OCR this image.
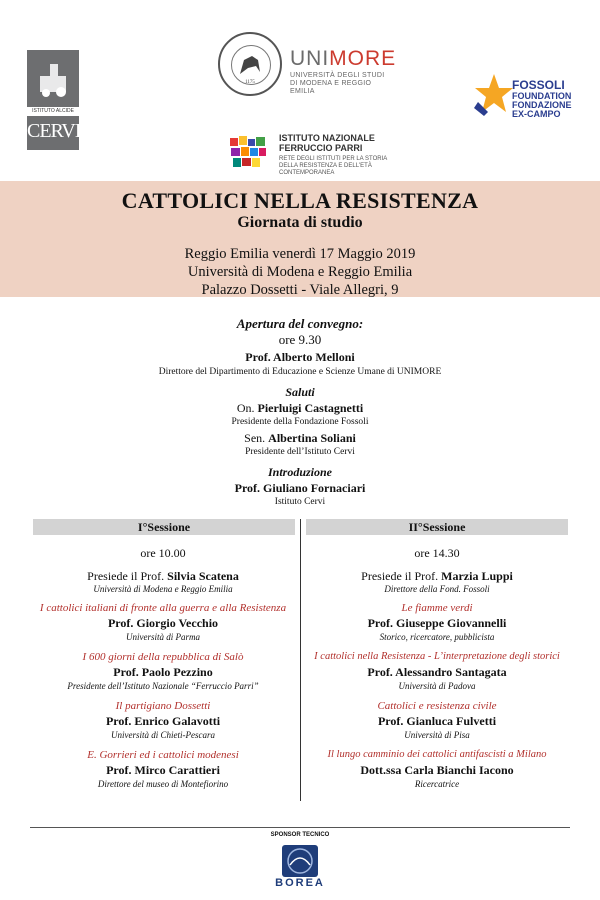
ISTITUTO ALCIDE
CERVI
1175
UNIMORE
UNIVERSITÀ DEGLI STUDI DI MODENA E REGGIO EMILIA
ISTITUTO NAZIONALE
FERRUCCIO PARRI
RETE DEGLI ISTITUTI PER LA STORIA DELLA RESISTENZA E DELL'ETÀ CONTEMPORANEA
FOSSOLI
FOUNDATION
FONDAZIONE
EX-CAMPO
CATTOLICI NELLA RESISTENZA
Giornata di studio
Reggio Emilia venerdì 17 Maggio 2019
Università di Modena e Reggio Emilia
Palazzo Dossetti - Viale Allegri, 9
Apertura del convegno:
ore 9.30
Prof. Alberto Melloni
Direttore del Dipartimento di Educazione e Scienze Umane di UNIMORE
Saluti
On. Pierluigi Castagnetti
Presidente della Fondazione Fossoli
Sen. Albertina Soliani
Presidente dell’Istituto Cervi
Introduzione
Prof. Giuliano Fornaciari
Istituto Cervi
I°Sessione	II°Sessione
ore 10.00
Presiede il Prof. Silvia Scatena
Università di Modena e Reggio Emilia
I cattolici italiani di fronte alla guerra e alla Resistenza
Prof. Giorgio Vecchio
Università di Parma
I 600 giorni della repubblica di Salò
Prof. Paolo Pezzino
Presidente dell’Istituto Nazionale “Ferruccio Parri”
Il partigiano Dossetti
Prof. Enrico Galavotti
Università di Chieti-Pescara
E. Gorrieri ed i cattolici modenesi
Prof. Mirco Carattieri
Direttore del museo di Montefiorino
ore 14.30
Presiede il Prof. Marzia Luppi
Direttore della Fond. Fossoli
Le fiamme verdi
Prof. Giuseppe Giovannelli
Storico, ricercatore, pubblicista
I cattolici nella Resistenza - L’interpretazione degli storici
Prof. Alessandro Santagata
Università di Padova
Cattolici e resistenza civile
Prof. Gianluca Fulvetti
Università di Pisa
Il lungo camminio dei cattolici antifascisti a Milano
Dott.ssa Carla Bianchi Iacono
Ricercatrice
SPONSOR TECNICO
BOREA
